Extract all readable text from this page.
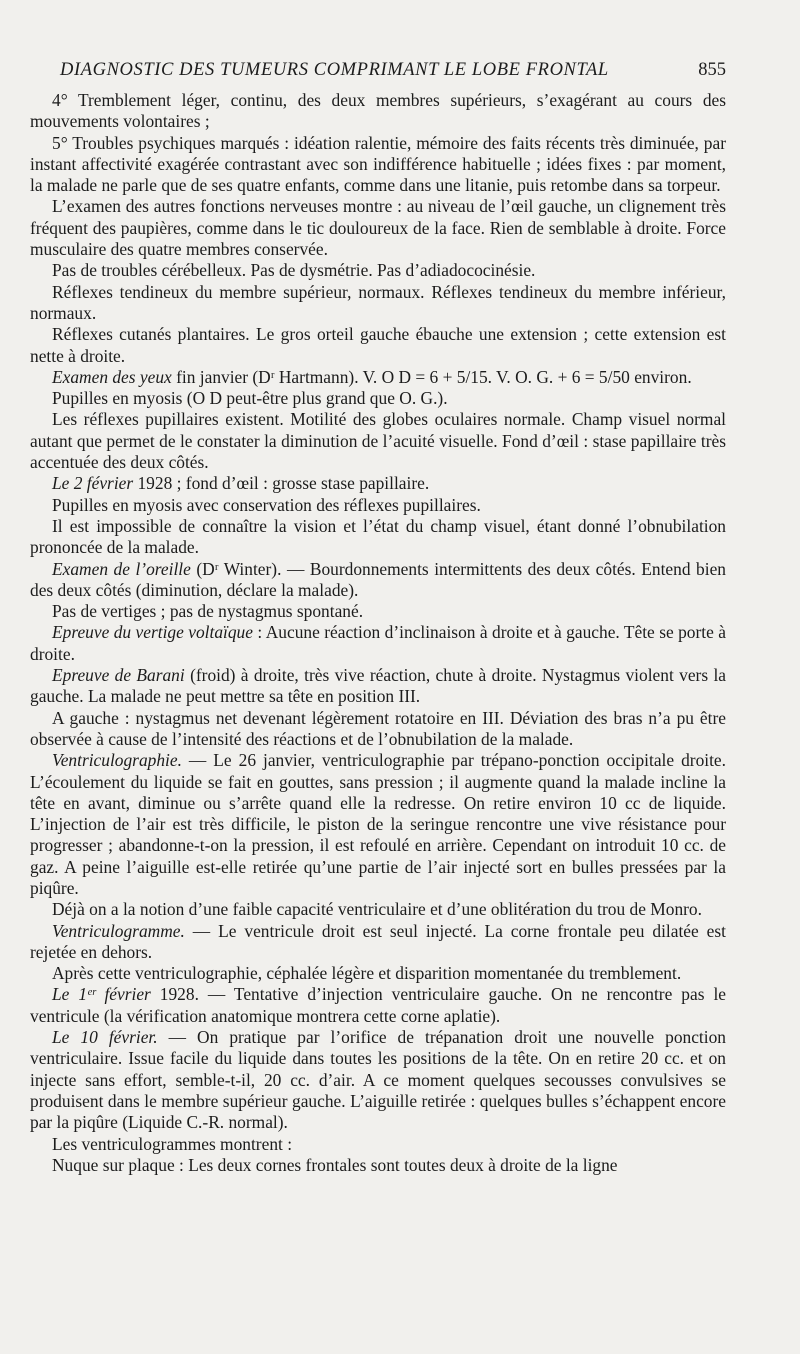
DIAGNOSTIC DES TUMEURS COMPRIMANT LE LOBE FRONTAL	855

4° Tremblement léger, continu, des deux membres supérieurs, s’exagérant au cours des mouvements volontaires ;

5° Troubles psychiques marqués : idéation ralentie, mémoire des faits récents très diminuée, par instant affectivité exagérée contrastant avec son indifférence habituelle ; idées fixes : par moment, la malade ne parle que de ses quatre enfants, comme dans une litanie, puis retombe dans sa torpeur.

L’examen des autres fonctions nerveuses montre : au niveau de l’œil gauche, un clignement très fréquent des paupières, comme dans le tic douloureux de la face. Rien de semblable à droite. Force musculaire des quatre membres conservée.

Pas de troubles cérébelleux. Pas de dysmétrie. Pas d’adiadococinésie.

Réflexes tendineux du membre supérieur, normaux. Réflexes tendineux du membre inférieur, normaux.

Réflexes cutanés plantaires. Le gros orteil gauche ébauche une extension ; cette extension est nette à droite.

Examen des yeux fin janvier (Dʳ Hartmann). V. O D = 6 + 5/15. V. O. G. + 6 = 5/50 environ.

Pupilles en myosis (O D peut-être plus grand que O. G.).

Les réflexes pupillaires existent. Motilité des globes oculaires normale. Champ visuel normal autant que permet de le constater la diminution de l’acuité visuelle. Fond d’œil : stase papillaire très accentuée des deux côtés.

Le 2 février 1928 ; fond d’œil : grosse stase papillaire.

Pupilles en myosis avec conservation des réflexes pupillaires.

Il est impossible de connaître la vision et l’état du champ visuel, étant donné l’obnubilation prononcée de la malade.

Examen de l’oreille (Dʳ Winter). — Bourdonnements intermittents des deux côtés. Entend bien des deux côtés (diminution, déclare la malade).

Pas de vertiges ; pas de nystagmus spontané.

Epreuve du vertige voltaïque : Aucune réaction d’inclinaison à droite et à gauche. Tête se porte à droite.

Epreuve de Barani (froid) à droite, très vive réaction, chute à droite. Nystagmus violent vers la gauche. La malade ne peut mettre sa tête en position III.

A gauche : nystagmus net devenant légèrement rotatoire en III. Déviation des bras n’a pu être observée à cause de l’intensité des réactions et de l’obnubilation de la malade.

Ventriculographie. — Le 26 janvier, ventriculographie par trépano-ponction occipitale droite. L’écoulement du liquide se fait en gouttes, sans pression ; il augmente quand la malade incline la tête en avant, diminue ou s’arrête quand elle la redresse. On retire environ 10 cc de liquide. L’injection de l’air est très difficile, le piston de la seringue rencontre une vive résistance pour progresser ; abandonne-t-on la pression, il est refoulé en arrière. Cependant on introduit 10 cc. de gaz. A peine l’aiguille est-elle retirée qu’une partie de l’air injecté sort en bulles pressées par la piqûre.

Déjà on a la notion d’une faible capacité ventriculaire et d’une oblitération du trou de Monro.

Ventriculogramme. — Le ventricule droit est seul injecté. La corne frontale peu dilatée est rejetée en dehors.

Après cette ventriculographie, céphalée légère et disparition momentanée du tremblement.

Le 1ᵉʳ février 1928. — Tentative d’injection ventriculaire gauche. On ne rencontre pas le ventricule (la vérification anatomique montrera cette corne aplatie).

Le 10 février. — On pratique par l’orifice de trépanation droit une nouvelle ponction ventriculaire. Issue facile du liquide dans toutes les positions de la tête. On en retire 20 cc. et on injecte sans effort, semble-t-il, 20 cc. d’air. A ce moment quelques secousses convulsives se produisent dans le membre supérieur gauche. L’aiguille retirée : quelques bulles s’échappent encore par la piqûre (Liquide C.-R. normal).

Les ventriculogrammes montrent :

Nuque sur plaque : Les deux cornes frontales sont toutes deux à droite de la ligne
